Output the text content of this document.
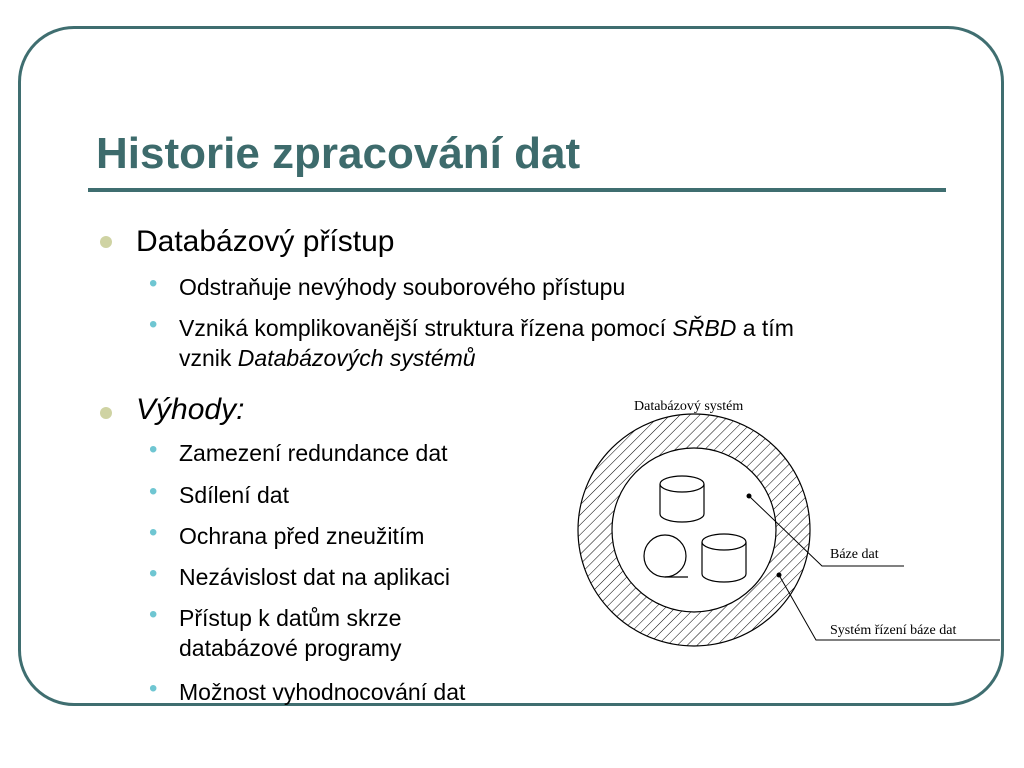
Historie zpracování dat
Databázový přístup
• Odstraňuje nevýhody souborového přístupu
• Vzniká komplikovanější struktura řízena pomocí SŘBD a tím
vznik Databázových systémů
Výhody:
• Zamezení redundance dat
• Sdílení dat
• Ochrana před zneužitím
• Nezávislost dat na aplikaci
• Přístup k datům skrze
databázové programy
• Možnost vyhodnocování dat
Databázový systém
Báze dat
Systém řízení báze dat
